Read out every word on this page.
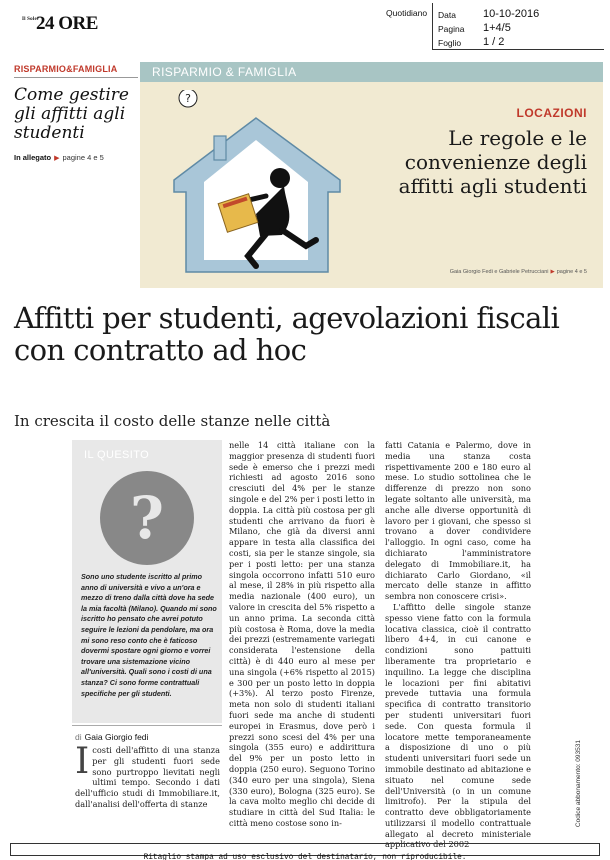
Il Sole 24 ORE	Quotidiano Data 10-10-2016
Pagina 1+4/5
Foglio 1 / 2
RISPARMIO&FAMIGLIA
Come gestire gli affitti agli studenti
In allegato ▶ pagine 4 e 5
RISPARMIO & FAMIGLIA
?
LOCAZIONI
Le regole e le convenienze degli affitti agli studenti
Gaia Giorgio Fedi e Gabriele Petrucciani ▶ pagine 4 e 5
Affitti per studenti, agevolazioni fiscali con contratto ad hoc
In crescita il costo delle stanze nelle città
?
IL QUESITO
Sono uno studente iscritto al primo anno di università e vivo a un'ora e mezzo di treno dalla città dove ha sede la mia facoltà (Milano). Quando mi sono iscritto ho pensato che avrei potuto seguire le lezioni da pendolare, ma ora mi sono reso conto che è faticoso dovermi spostare ogni giorno e vorrei trovare una sistemazione vicino all'università. Quali sono i costi di una stanza? Ci sono forme contrattuali specifiche per gli studenti.
di Gaia Giorgio fedi
I costi dell'affitto di una stanza per gli studenti fuori sede sono purtroppo lievitati negli ultimi tempo. Secondo i dati dell'ufficio studi di Immobiliare.it, dall'analisi dell'offerta di stanze

nelle 14 città italiane con la maggior presenza di studenti fuori sede è emerso che i prezzi medi richiesti ad agosto 2016 sono cresciuti del 4% per le stanze singole e del 2% per i posti letto in doppia. La città più costosa per gli studenti che arrivano da fuori è Milano, che già da diversi anni appare in testa alla classifica dei costi, sia per le stanze singole, sia per i posti letto: per una stanza singola occorrono infatti 510 euro al mese, il 28% in più rispetto alla media nazionale (400 euro), un valore in crescita del 5% rispetto a un anno prima. La seconda città più costosa è Roma, dove la media dei prezzi (estremamente variegati considerata l'estensione della città) è di 440 euro al mese per una singola (+6% rispetto al 2015) e 300 per un posto letto in doppia (+3%). Al terzo posto Firenze, meta non solo di studenti italiani fuori sede ma anche di studenti europei in Erasmus, dove però i prezzi sono scesi del 4% per una singola (355 euro) e addirittura del 9% per un posto letto in doppia (250 euro). Seguono Torino (340 euro per una singola), Siena (330 euro), Bologna (325 euro). Se la cava molto meglio chi decide di studiare in città del Sud Italia: le città meno costose sono in-

fatti Catania e Palermo, dove in media una stanza costa rispettivamente 200 e 180 euro al mese. Lo studio sottolinea che le differenze di prezzo non sono legate soltanto alle università, ma anche alle diverse opportunità di lavoro per i giovani, che spesso si trovano a dover condividere l'alloggio. In ogni caso, come ha dichiarato l'amministratore delegato di Immobiliare.it, ha dichiarato Carlo Giordano, «il mercato delle stanze in affitto sembra non conoscere crisi».

L'affitto delle singole stanze spesso viene fatto con la formula locativa classica, cioè il contratto libero 4+4, in cui canone e condizioni sono pattuiti liberamente tra proprietario e inquilino. La legge che disciplina le locazioni per fini abitativi prevede tuttavia una formula specifica di contratto transitorio per studenti universitari fuori sede. Con questa formula il locatore mette temporaneamente a disposizione di uno o più studenti universitari fuori sede un immobile destinato ad abitazione e situato nel comune sede dell'Università (o in un comune limitrofo). Per la stipula del contratto deve obbligatoriamente utilizzarsi il modello contrattuale allegato al decreto ministeriale applicativo del 2002

Codice abbonamento: 093531
Ritaglio stampa ad uso esclusivo del destinatario, non riproducibile.
